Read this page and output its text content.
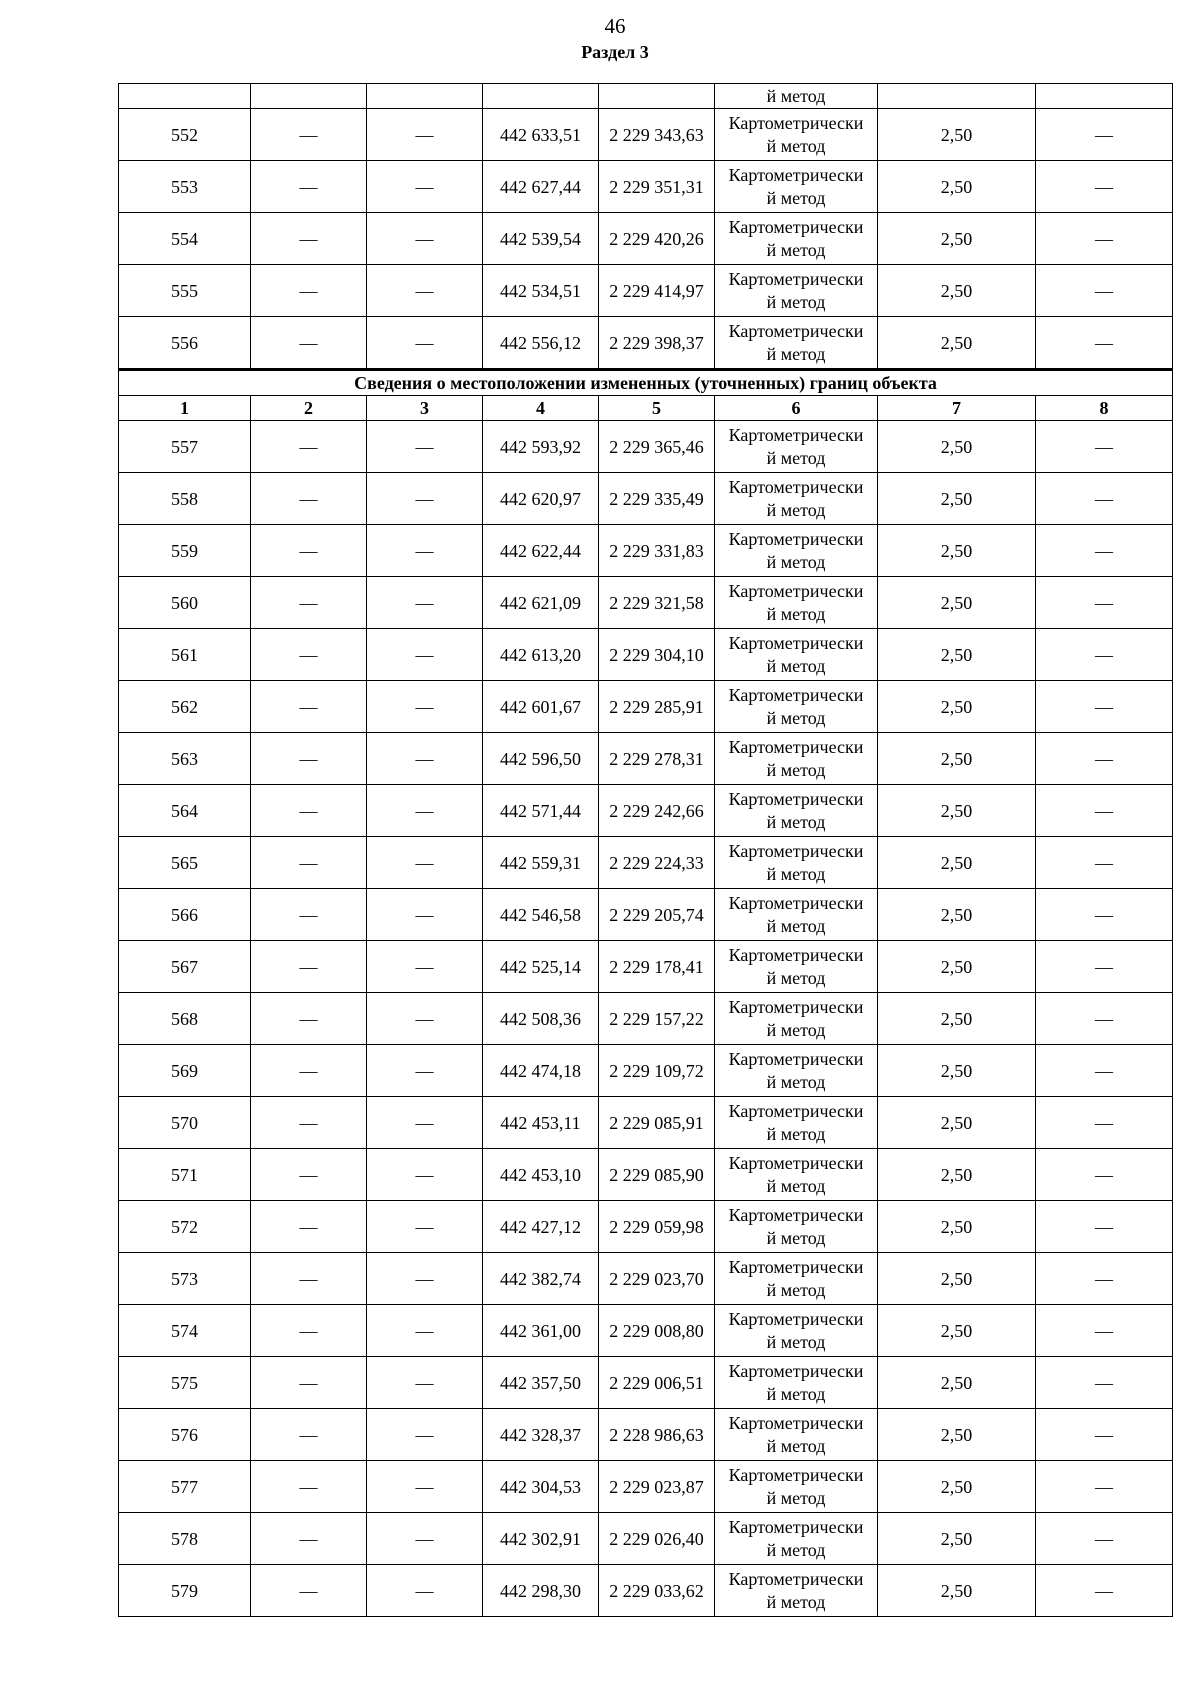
46
Раздел 3
					й метод		
552	—	—	442 633,51	2 229 343,63	Картометрически
й метод	2,50	—
553	—	—	442 627,44	2 229 351,31	Картометрически
й метод	2,50	—
554	—	—	442 539,54	2 229 420,26	Картометрически
й метод	2,50	—
555	—	—	442 534,51	2 229 414,97	Картометрически
й метод	2,50	—
556	—	—	442 556,12	2 229 398,37	Картометрически
й метод	2,50	—
Сведения о местоположении измененных (уточненных) границ объекта							
1	2	3	4	5	6	7	8
557	—	—	442 593,92	2 229 365,46	Картометрически
й метод	2,50	—
558	—	—	442 620,97	2 229 335,49	Картометрически
й метод	2,50	—
559	—	—	442 622,44	2 229 331,83	Картометрически
й метод	2,50	—
560	—	—	442 621,09	2 229 321,58	Картометрически
й метод	2,50	—
561	—	—	442 613,20	2 229 304,10	Картометрически
й метод	2,50	—
562	—	—	442 601,67	2 229 285,91	Картометрически
й метод	2,50	—
563	—	—	442 596,50	2 229 278,31	Картометрически
й метод	2,50	—
564	—	—	442 571,44	2 229 242,66	Картометрически
й метод	2,50	—
565	—	—	442 559,31	2 229 224,33	Картометрически
й метод	2,50	—
566	—	—	442 546,58	2 229 205,74	Картометрически
й метод	2,50	—
567	—	—	442 525,14	2 229 178,41	Картометрически
й метод	2,50	—
568	—	—	442 508,36	2 229 157,22	Картометрически
й метод	2,50	—
569	—	—	442 474,18	2 229 109,72	Картометрически
й метод	2,50	—
570	—	—	442 453,11	2 229 085,91	Картометрически
й метод	2,50	—
571	—	—	442 453,10	2 229 085,90	Картометрически
й метод	2,50	—
572	—	—	442 427,12	2 229 059,98	Картометрически
й метод	2,50	—
573	—	—	442 382,74	2 229 023,70	Картометрически
й метод	2,50	—
574	—	—	442 361,00	2 229 008,80	Картометрически
й метод	2,50	—
575	—	—	442 357,50	2 229 006,51	Картометрически
й метод	2,50	—
576	—	—	442 328,37	2 228 986,63	Картометрически
й метод	2,50	—
577	—	—	442 304,53	2 229 023,87	Картометрически
й метод	2,50	—
578	—	—	442 302,91	2 229 026,40	Картометрически
й метод	2,50	—
579	—	—	442 298,30	2 229 033,62	Картометрически
й метод	2,50	—
